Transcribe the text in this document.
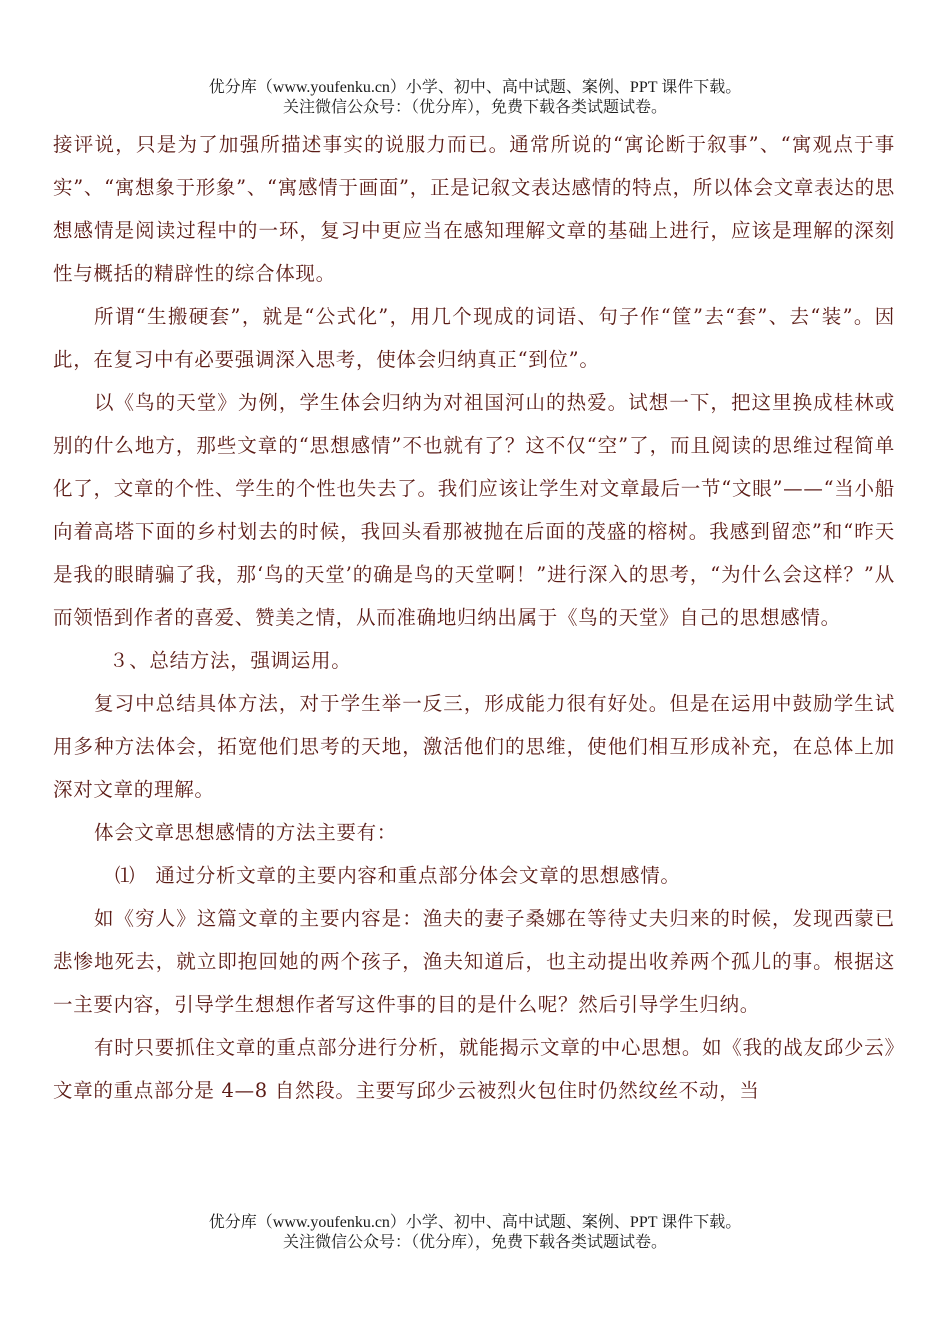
优分库（www.youfenku.cn）小学、初中、高中试题、案例、PPT 课件下载。
关注微信公众号：（优分库），免费下载各类试题试卷。

接评说，只是为了加强所描述事实的说服力而已。通常所说的“寓论断于叙事”、“寓观点于事实”、“寓想象于形象”、“寓感情于画面”，正是记叙文表达感情的特点，所以体会文章表达的思想感情是阅读过程中的一环，复习中更应当在感知理解文章的基础上进行，应该是理解的深刻性与概括的精辟性的综合体现。

所谓“生搬硬套”，就是“公式化”，用几个现成的词语、句子作“筐”去“套”、去“装”。因此，在复习中有必要强调深入思考，使体会归纳真正“到位”。

以《鸟的天堂》为例，学生体会归纳为对祖国河山的热爱。试想一下，把这里换成桂林或别的什么地方，那些文章的“思想感情”不也就有了？这不仅“空”了，而且阅读的思维过程简单化了，文章的个性、学生的个性也失去了。我们应该让学生对文章最后一节“文眼”——“当小船向着高塔下面的乡村划去的时候，我回头看那被抛在后面的茂盛的榕树。我感到留恋”和“昨天是我的眼睛骗了我，那‘鸟的天堂’的确是鸟的天堂啊！”进行深入的思考，“为什么会这样？”从而领悟到作者的喜爱、赞美之情，从而准确地归纳出属于《鸟的天堂》自己的思想感情。

３、总结方法，强调运用。

复习中总结具体方法，对于学生举一反三，形成能力很有好处。但是在运用中鼓励学生试用多种方法体会，拓宽他们思考的天地，激活他们的思维，使他们相互形成补充，在总体上加深对文章的理解。

体会文章思想感情的方法主要有：

⑴　通过分析文章的主要内容和重点部分体会文章的思想感情。

如《穷人》这篇文章的主要内容是：渔夫的妻子桑娜在等待丈夫归来的时候，发现西蒙已悲惨地死去，就立即抱回她的两个孩子，渔夫知道后，也主动提出收养两个孤儿的事。根据这一主要内容，引导学生想想作者写这件事的目的是什么呢？然后引导学生归纳。

有时只要抓住文章的重点部分进行分析，就能揭示文章的中心思想。如《我的战友邱少云》文章的重点部分是 4—8 自然段。主要写邱少云被烈火包住时仍然纹丝不动，当

优分库（www.youfenku.cn）小学、初中、高中试题、案例、PPT 课件下载。
关注微信公众号：（优分库），免费下载各类试题试卷。
